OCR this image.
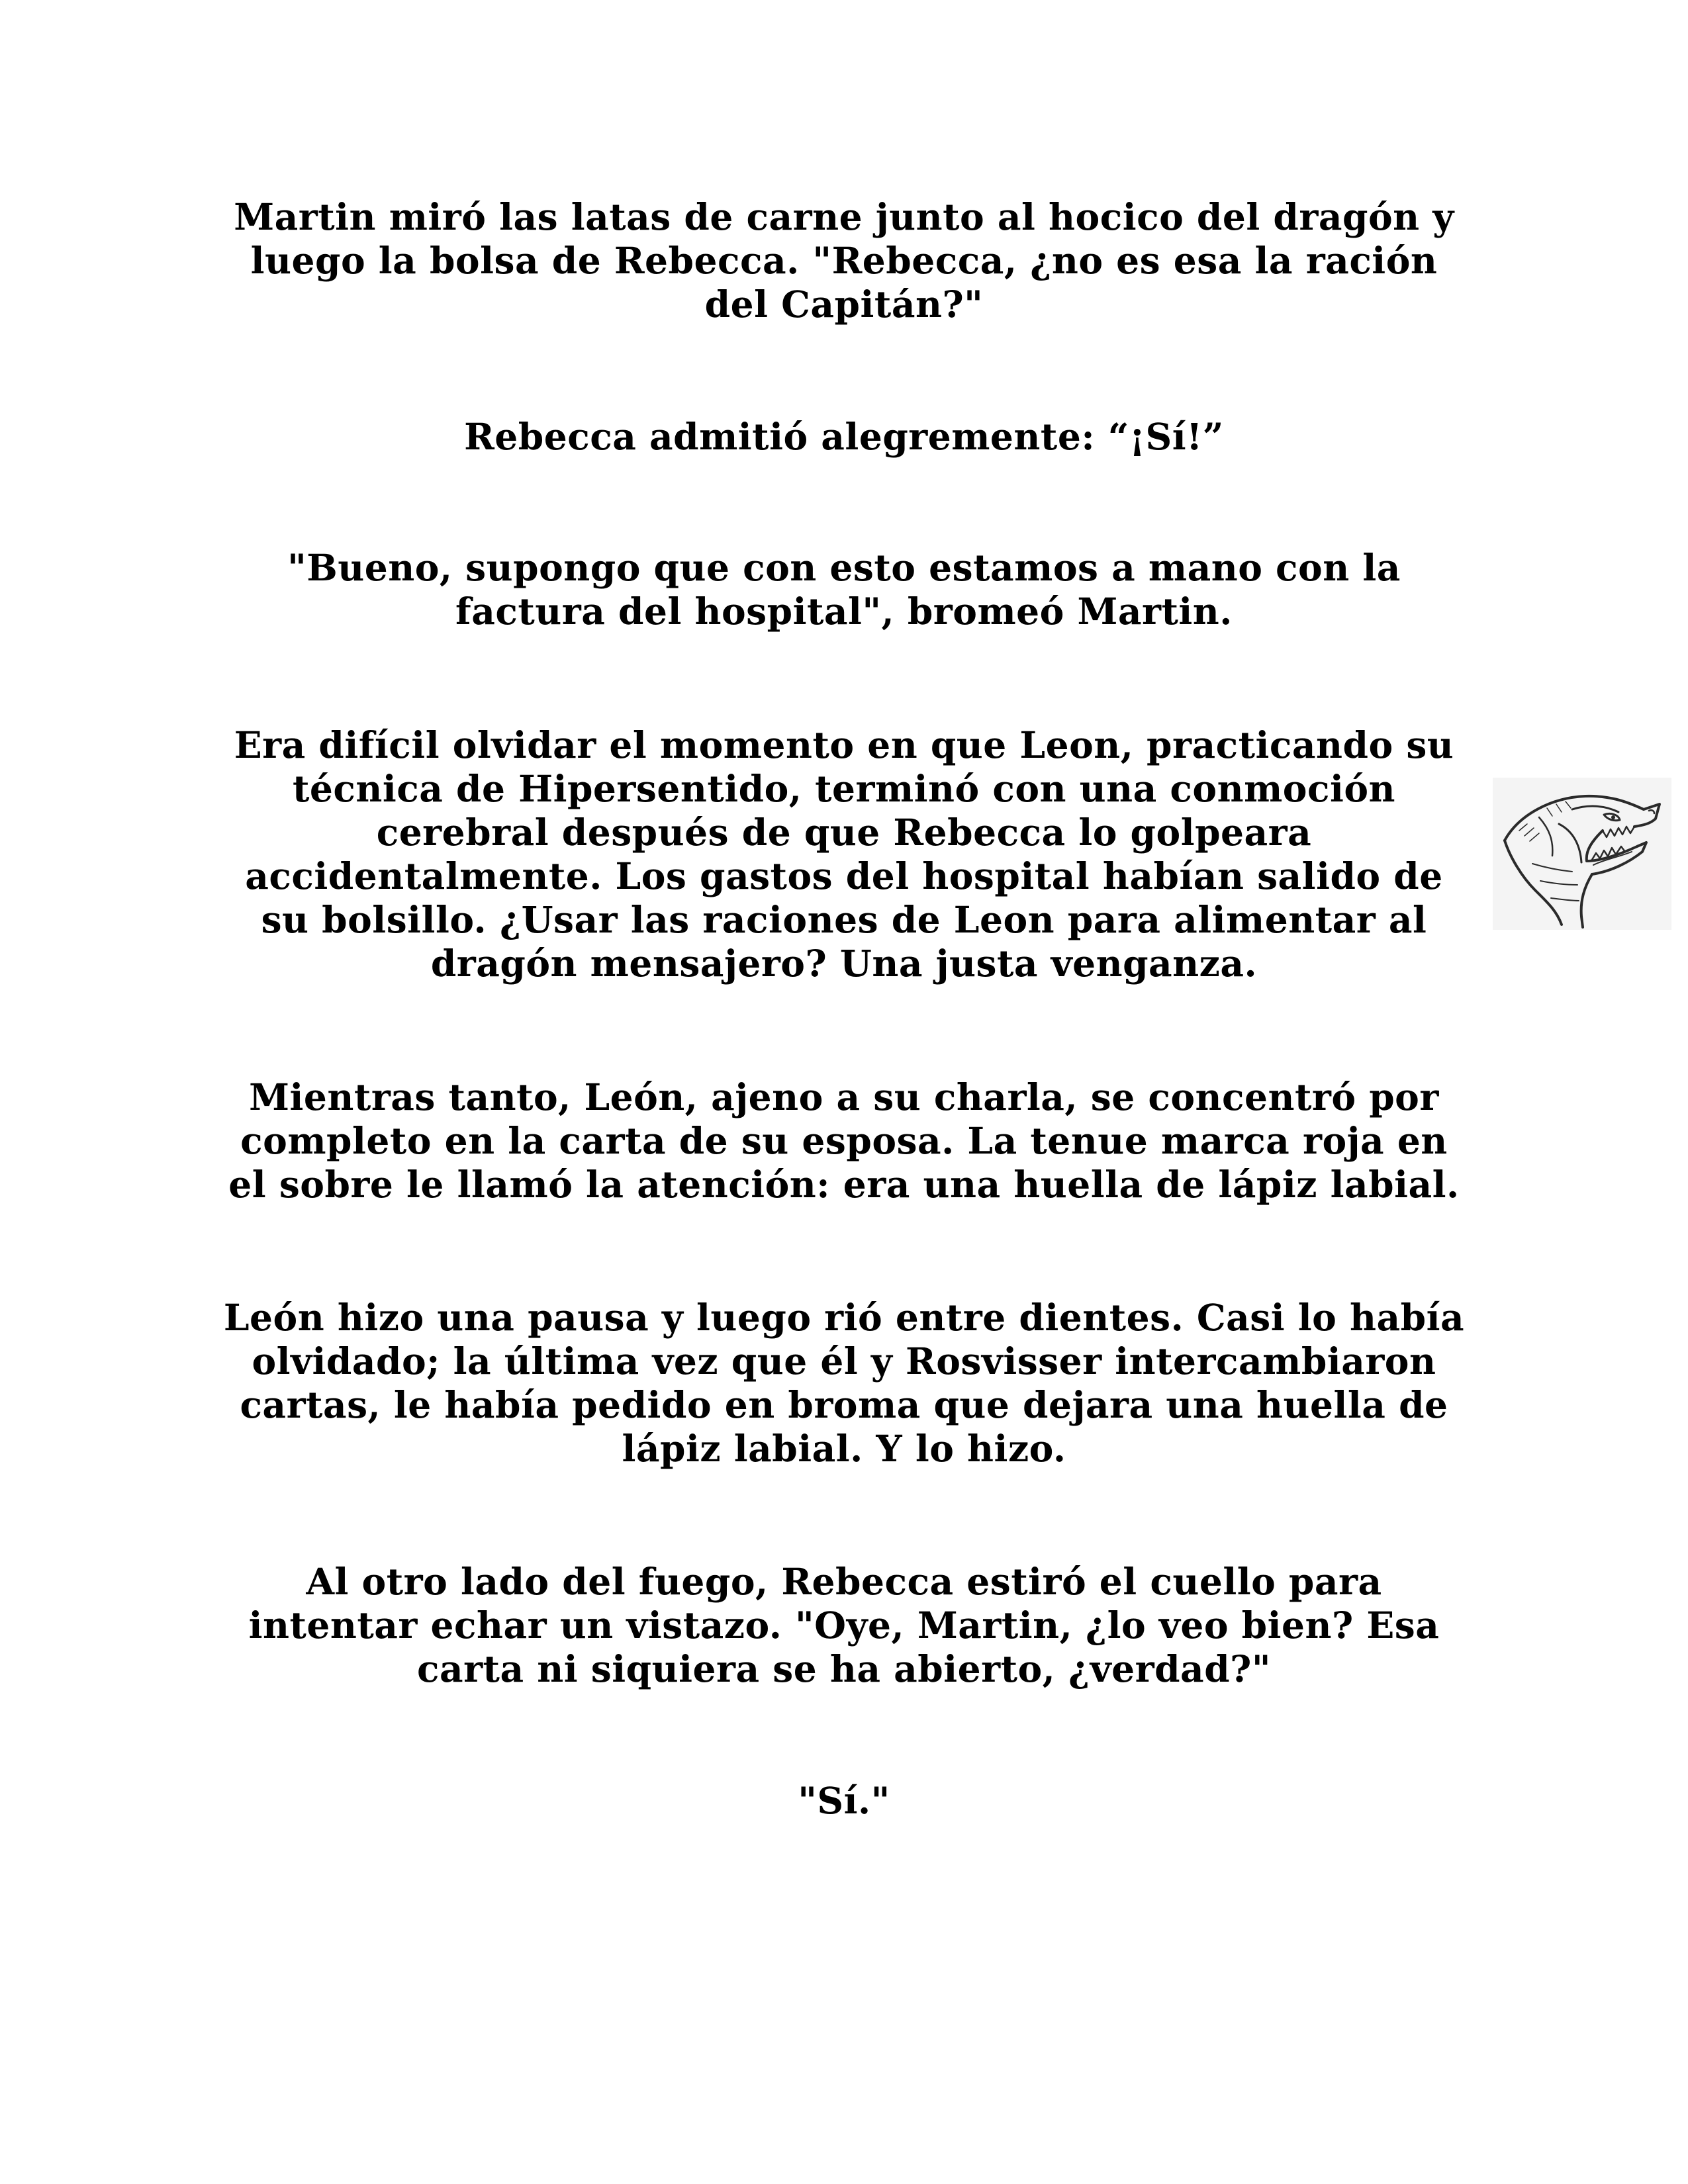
Martin miró las latas de carne junto al hocico del dragón y luego la bolsa de Rebecca. "Rebecca, ¿no es esa la ración del Capitán?"

Rebecca admitió alegremente: “¡Sí!”

"Bueno, supongo que con esto estamos a mano con la factura del hospital", bromeó Martin.

Era difícil olvidar el momento en que Leon, practicando su técnica de Hipersentido, terminó con una conmoción cerebral después de que Rebecca lo golpeara accidentalmente. Los gastos del hospital habían salido de su bolsillo. ¿Usar las raciones de Leon para alimentar al dragón mensajero? Una justa venganza.

Mientras tanto, León, ajeno a su charla, se concentró por completo en la carta de su esposa. La tenue marca roja en el sobre le llamó la atención: era una huella de lápiz labial.

León hizo una pausa y luego rió entre dientes. Casi lo había olvidado; la última vez que él y Rosvisser intercambiaron cartas, le había pedido en broma que dejara una huella de lápiz labial. Y lo hizo.

Al otro lado del fuego, Rebecca estiró el cuello para intentar echar un vistazo. "Oye, Martin, ¿lo veo bien? Esa carta ni siquiera se ha abierto, ¿verdad?"

"Sí."
